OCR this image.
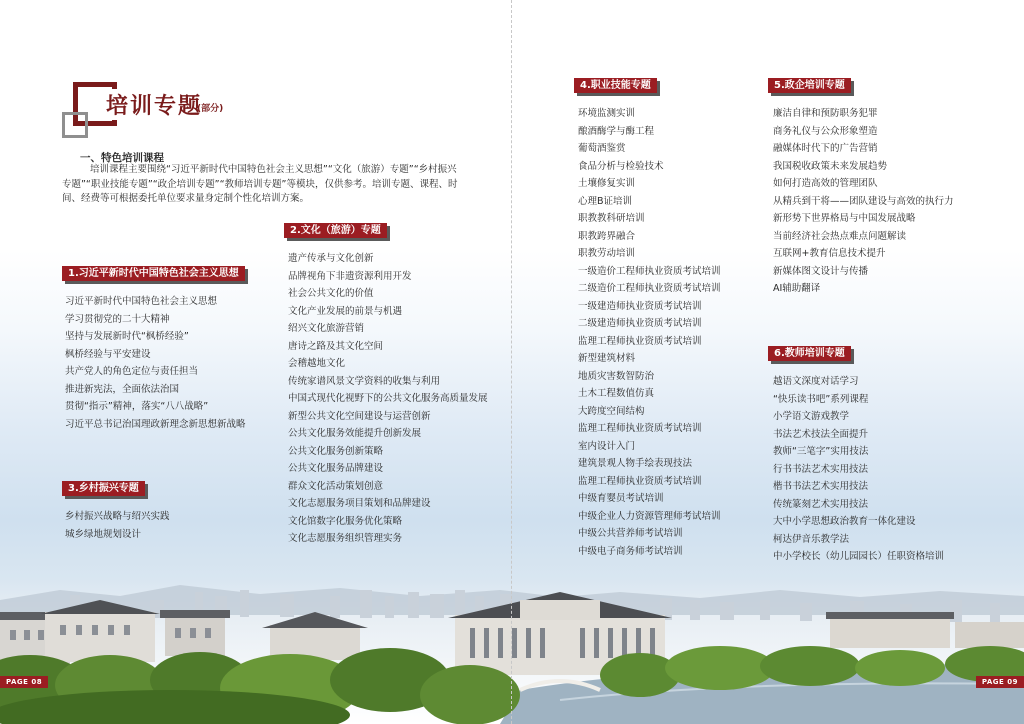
培训专题
(部分)
一、特色培训课程

培训课程主要围绕“习近平新时代中国特色社会主义思想”“文化（旅游）专题”“乡村振兴专题”“职业技能专题”“政企培训专题”“教师培训专题”等模块，仅供参考。培训专题、课程、时间、经费等可根据委托单位要求量身定制个性化培训方案。

1.习近平新时代中国特色社会主义思想
习近平新时代中国特色社会主义思想
学习贯彻党的二十大精神
坚持与发展新时代“枫桥经验”
枫桥经验与平安建设
共产党人的角色定位与责任担当
推进新宪法，全面依法治国
贯彻“指示”精神，落实“八八战略”
习近平总书记治国理政新理念新思想新战略
2.文化（旅游）专题
遗产传承与文化创新
品牌视角下非遗资源利用开发
社会公共文化的价值
文化产业发展的前景与机遇
绍兴文化旅游营销
唐诗之路及其文化空间
会稽越地文化
传统家谱风景文学资料的收集与利用
中国式现代化视野下的公共文化服务高质量发展
新型公共文化空间建设与运营创新
公共文化服务效能提升创新发展
公共文化服务创新策略
公共文化服务品牌建设
群众文化活动策划创意
文化志愿服务项目策划和品牌建设
文化馆数字化服务优化策略
文化志愿服务组织管理实务
3.乡村振兴专题
乡村振兴战略与绍兴实践
城乡绿地规划设计
4.职业技能专题
环境监测实训
酿酒酶学与酶工程
葡萄酒鉴赏
食品分析与检验技术
土壤修复实训
心理B证培训
职教教科研培训
职教跨界融合
职教劳动培训
一级造价工程师执业资质考试培训
二级造价工程师执业资质考试培训
一级建造师执业资质考试培训
二级建造师执业资质考试培训
监理工程师执业资质考试培训
新型建筑材料
地质灾害数智防治
土木工程数值仿真
大跨度空间结构
监理工程师执业资质考试培训
室内设计入门
建筑景观人物手绘表现技法
监理工程师执业资质考试培训
中级育婴员考试培训
中级企业人力资源管理师考试培训
中级公共营养师考试培训
中级电子商务师考试培训
5.政企培训专题
廉洁自律和预防职务犯罪
商务礼仪与公众形象塑造
融媒体时代下的广告营销
我国税收政策未来发展趋势
如何打造高效的管理团队
从精兵到干将——团队建设与高效的执行力
新形势下世界格局与中国发展战略
当前经济社会热点难点问题解读
互联网+教育信息技术提升
新媒体图文设计与传播
AI辅助翻译
6.教师培训专题
越语文深度对话学习
“快乐读书吧”系列课程
小学语文游戏教学
书法艺术技法全面提升
教师“三笔字”实用技法
行书书法艺术实用技法
楷书书法艺术实用技法
传统篆刻艺术实用技法
大中小学思想政治教育一体化建设
柯达伊音乐教学法
中小学校长（幼儿园园长）任职资格培训
PAGE 08	PAGE 09
